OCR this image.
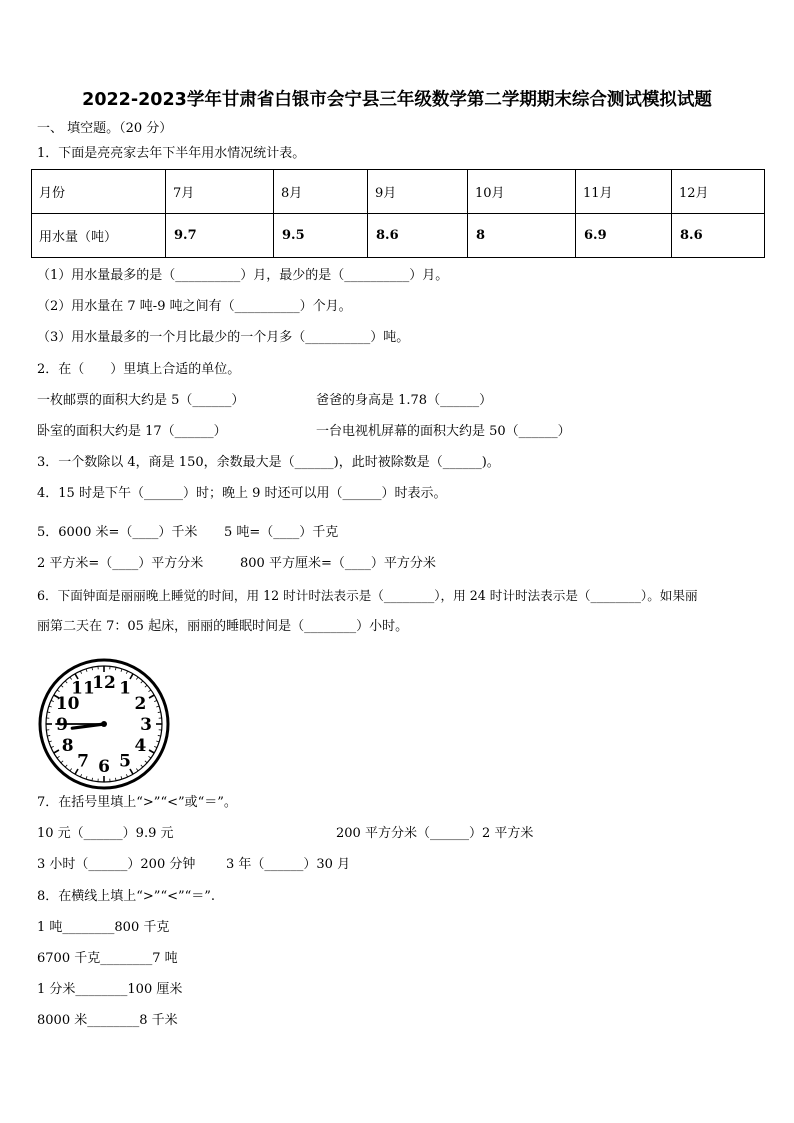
2022-2023学年甘肃省白银市会宁县三年级数学第二学期期末综合测试模拟试题
一、 填空题。（20 分）
1．下面是亮亮家去年下半年用水情况统计表。
月份	7月	8月	9月	10月	11月	12月
用水量（吨）	9.7	9.5	8.6	8	6.9	8.6
（1）用水量最多的是（__________）月，最少的是（__________）月。
（2）用水量在 7 吨-9 吨之间有（__________）个月。
（3）用水量最多的一个月比最少的一个月多（__________）吨。
2．在（　　）里填上合适的单位。
一枚邮票的面积大约是 5（______）	爸爸的身高是 1.78（______）
卧室的面积大约是 17（______）	一台电视机屏幕的面积大约是 50（______）
3．一个数除以 4，商是 150，余数最大是（______)，此时被除数是（______)。
4．15 时是下午（______）时；晚上 9 时还可以用（______）时表示。
5．6000 米=（____）千米 5 吨=（____）千克
2 平方米=（____）平方分米	800 平方厘米=（____）平方分米
6．下面钟面是丽丽晚上睡觉的时间，用 12 时计时法表示是（________），用 24 时计时法表示是（________）。如果丽
丽第二天在 7：05 起床，丽丽的睡眠时间是（________）小时。
12 1
2
3
4
5
6
7
8
9
10
11
7．在括号里填上“>”“<”或“＝”。
10 元（______）9.9 元	200 平方分米（______）2 平方米
3 小时（______）200 分钟 3 年（______）30 月
8．在横线上填上“>”“<”“＝”.
1 吨________800 千克
6700 千克________7 吨
1 分米________100 厘米
8000 米________8 千米
